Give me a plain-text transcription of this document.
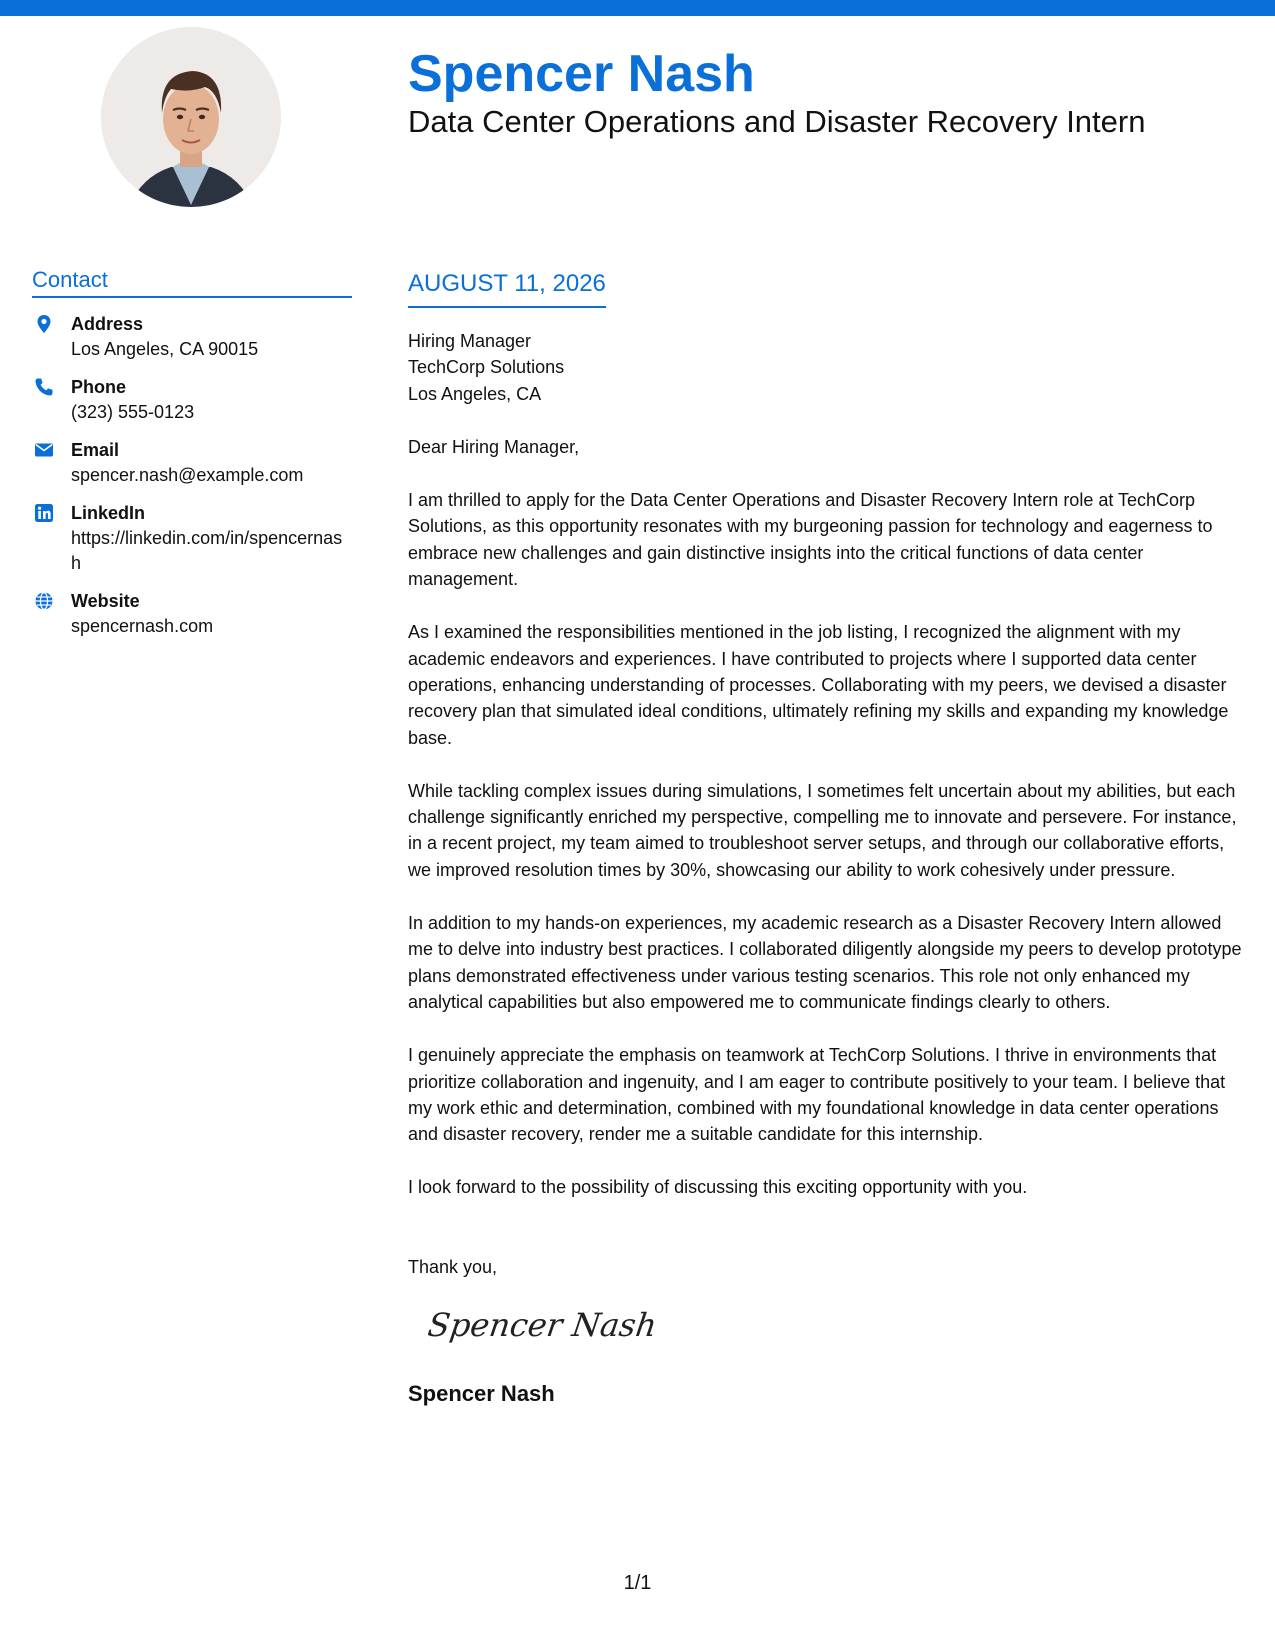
Spencer Nash
Data Center Operations and Disaster Recovery Intern
Contact
Address
Los Angeles, CA 90015
Phone
(323) 555-0123
Email
spencer.nash@example.com
LinkedIn
https://linkedin.com/in/spencernash
Website
spencernash.com
AUGUST 11, 2026
Hiring Manager
TechCorp Solutions
Los Angeles, CA
Dear Hiring Manager,

I am thrilled to apply for the Data Center Operations and Disaster Recovery Intern role at TechCorp Solutions, as this opportunity resonates with my burgeoning passion for technology and eagerness to embrace new challenges and gain distinctive insights into the critical functions of data center management.

As I examined the responsibilities mentioned in the job listing, I recognized the alignment with my academic endeavors and experiences. I have contributed to projects where I supported data center operations, enhancing understanding of processes. Collaborating with my peers, we devised a disaster recovery plan that simulated ideal conditions, ultimately refining my skills and expanding my knowledge base.

While tackling complex issues during simulations, I sometimes felt uncertain about my abilities, but each challenge significantly enriched my perspective, compelling me to innovate and persevere. For instance, in a recent project, my team aimed to troubleshoot server setups, and through our collaborative efforts, we improved resolution times by 30%, showcasing our ability to work cohesively under pressure.

In addition to my hands-on experiences, my academic research as a Disaster Recovery Intern allowed me to delve into industry best practices. I collaborated diligently alongside my peers to develop prototype plans demonstrated effectiveness under various testing scenarios. This role not only enhanced my analytical capabilities but also empowered me to communicate findings clearly to others.

I genuinely appreciate the emphasis on teamwork at TechCorp Solutions. I thrive in environments that prioritize collaboration and ingenuity, and I am eager to contribute positively to your team. I believe that my work ethic and determination, combined with my foundational knowledge in data center operations and disaster recovery, render me a suitable candidate for this internship.

I look forward to the possibility of discussing this exciting opportunity with you.
Thank you,
Spencer Nash
Spencer Nash
1/1
